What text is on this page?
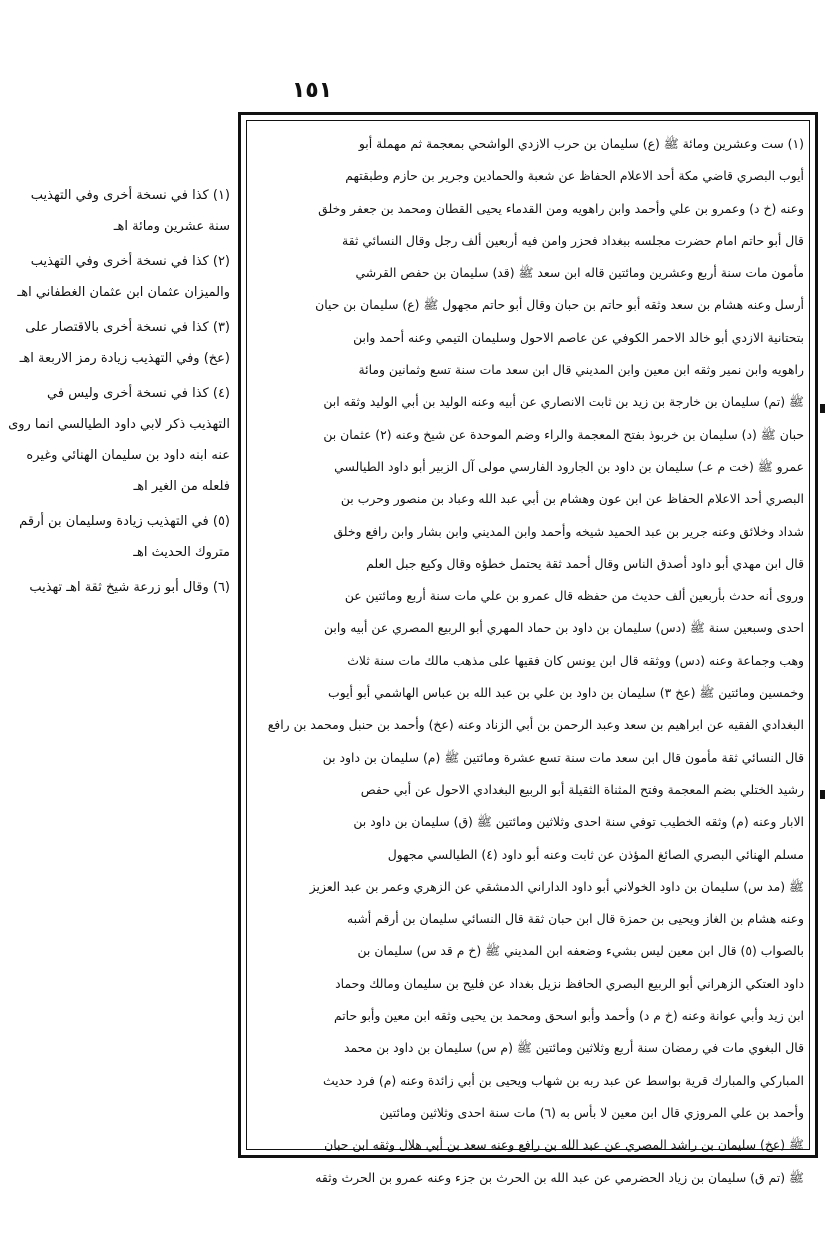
١٥١
(١) ست وعشرين ومائة ﷺ (ع) سليمان بن حرب الازدي الواشحي بمعجمة ثم مهملة أبو
أيوب البصري قاضي مكة أحد الاعلام الحفاظ عن شعبة والحمادين وجرير بن حازم وطبقتهم
وعنه (خ د) وعمرو بن علي وأحمد وابن راهويه ومن القدماء يحيى القطان ومحمد بن جعفر وخلق
قال أبو حاتم امام حضرت مجلسه ببغداد فحزر وامن فيه أربعين ألف رجل وقال النسائي ثقة
مأمون مات سنة أربع وعشرين ومائتين قاله ابن سعد ﷺ (قد) سليمان بن حفص القرشي
أرسل وعنه هشام بن سعد وثقه أبو حاتم بن حبان وقال أبو حاتم مجهول ﷺ (ع) سليمان بن حيان
بتحتانية الازدي أبو خالد الاحمر الكوفي عن عاصم الاحول وسليمان التيمي وعنه أحمد وابن
راهويه وابن نمير وثقه ابن معين وابن المديني قال ابن سعد مات سنة تسع وثمانين ومائة
ﷺ (تم) سليمان بن خارجة بن زيد بن ثابت الانصاري عن أبيه وعنه الوليد بن أبي الوليد وثقه ابن
حبان ﷺ (د) سليمان بن خربوذ بفتح المعجمة والراء وضم الموحدة عن شيخ وعنه (٢) عثمان بن
عمرو ﷺ (خت م عـ) سليمان بن داود بن الجارود الفارسي مولى آل الزبير أبو داود الطيالسي
البصري أحد الاعلام الحفاظ عن ابن عون وهشام بن أبي عبد الله وعباد بن منصور وحرب بن
شداد وخلائق وعنه جرير بن عبد الحميد شيخه وأحمد وابن المديني وابن بشار وابن رافع وخلق
قال ابن مهدي أبو داود أصدق الناس وقال أحمد ثقة يحتمل خطؤه وقال وكيع جبل العلم
وروى أنه حدث بأربعين ألف حديث من حفظه قال عمرو بن علي مات سنة أربع ومائتين عن
احدى وسبعين سنة ﷺ (دس) سليمان بن داود بن حماد المهري أبو الربيع المصري عن أبيه وابن
وهب وجماعة وعنه (دس) ووثقه قال ابن يونس كان فقيها على مذهب مالك مات سنة ثلاث
وخمسين ومائتين ﷺ (عخ ٣) سليمان بن داود بن علي بن عبد الله بن عباس الهاشمي أبو أيوب
البغدادي الفقيه عن ابراهيم بن سعد وعبد الرحمن بن أبي الزناد وعنه (عخ) وأحمد بن حنبل ومحمد بن رافع
قال النسائي ثقة مأمون قال ابن سعد مات سنة تسع عشرة ومائتين ﷺ (م) سليمان بن داود بن
رشيد الختلي بضم المعجمة وفتح المثناة الثقيلة أبو الربيع البغدادي الاحول عن أبي حفص
الابار وعنه (م) وثقه الخطيب توفي سنة احدى وثلاثين ومائتين ﷺ (ق) سليمان بن داود بن
مسلم الهنائي البصري الصائغ المؤذن عن ثابت وعنه أبو داود (٤) الطيالسي مجهول
ﷺ (مد س) سليمان بن داود الخولاني أبو داود الداراني الدمشقي عن الزهري وعمر بن عبد العزيز
وعنه هشام بن الغاز ويحيى بن حمزة قال ابن حبان ثقة قال النسائي سليمان بن أرقم أشبه
بالصواب (٥) قال ابن معين ليس بشيء وضعفه ابن المديني ﷺ (خ م قد س) سليمان بن
داود العتكي الزهراني أبو الربيع البصري الحافظ نزيل بغداد عن فليح بن سليمان ومالك وحماد
ابن زيد وأبي عوانة وعنه (خ م د) وأحمد وأبو اسحق ومحمد بن يحيى وثقه ابن معين وأبو حاتم
قال البغوي مات في رمضان سنة أربع وثلاثين ومائتين ﷺ (م س) سليمان بن داود بن محمد
المباركي والمبارك قرية بواسط عن عبد ربه بن شهاب ويحيى بن أبي زائدة وعنه (م) فرد حديث
وأحمد بن علي المروزي قال ابن معين لا بأس به (٦) مات سنة احدى وثلاثين ومائتين
ﷺ (عخ) سليمان بن راشد المصري عن عبد الله بن رافع وعنه سعد بن أبي هلال وثقه ابن حبان
ﷺ (تم ق) سليمان بن زياد الحضرمي عن عبد الله بن الحرث بن جزء وعنه عمرو بن الحرث وثقه
(١) كذا في نسخة أخرى وفي التهذيب سنة عشرين ومائة اهـ
(٢) كذا في نسخة أخرى وفي التهذيب والميزان عثمان ابن عثمان الغطفاني اهـ
(٣) كذا في نسخة أخرى بالاقتصار على (عخ) وفي التهذيب زيادة رمز الاربعة اهـ
(٤) كذا في نسخة أخرى وليس في التهذيب ذكر لابي داود الطيالسي انما روى عنه ابنه داود بن سليمان الهنائي وغيره فلعله من الغير اهـ
(٥) في التهذيب زيادة وسليمان بن أرقم متروك الحديث اهـ
(٦) وقال أبو زرعة شيخ ثقة اهـ تهذيب
